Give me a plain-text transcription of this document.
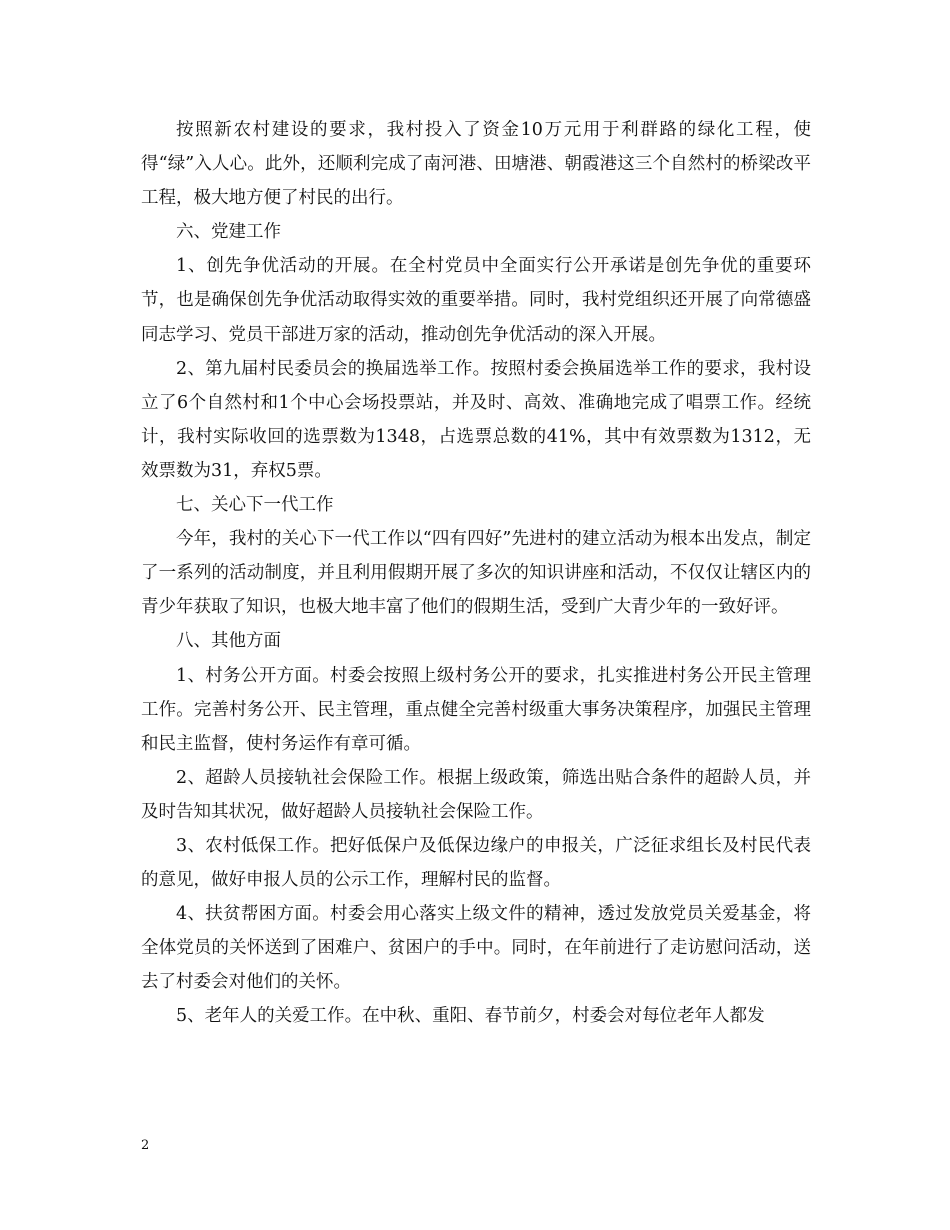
按照新农村建设的要求，我村投入了资金10万元用于利群路的绿化工程，使得“绿”入人心。此外，还顺利完成了南河港、田塘港、朝霞港这三个自然村的桥梁改平工程，极大地方便了村民的出行。

六、党建工作

1、创先争优活动的开展。在全村党员中全面实行公开承诺是创先争优的重要环节，也是确保创先争优活动取得实效的重要举措。同时，我村党组织还开展了向常德盛同志学习、党员干部进万家的活动，推动创先争优活动的深入开展。

2、第九届村民委员会的换届选举工作。按照村委会换届选举工作的要求，我村设立了6个自然村和1个中心会场投票站，并及时、高效、准确地完成了唱票工作。经统计，我村实际收回的选票数为1348，占选票总数的41%，其中有效票数为1312，无效票数为31，弃权5票。

七、关心下一代工作

今年，我村的关心下一代工作以“四有四好”先进村的建立活动为根本出发点，制定了一系列的活动制度，并且利用假期开展了多次的知识讲座和活动，不仅仅让辖区内的青少年获取了知识，也极大地丰富了他们的假期生活，受到广大青少年的一致好评。

八、其他方面

1、村务公开方面。村委会按照上级村务公开的要求，扎实推进村务公开民主管理工作。完善村务公开、民主管理，重点健全完善村级重大事务决策程序，加强民主管理和民主监督，使村务运作有章可循。

2、超龄人员接轨社会保险工作。根据上级政策，筛选出贴合条件的超龄人员，并及时告知其状况，做好超龄人员接轨社会保险工作。

3、农村低保工作。把好低保户及低保边缘户的申报关，广泛征求组长及村民代表的意见，做好申报人员的公示工作，理解村民的监督。

4、扶贫帮困方面。村委会用心落实上级文件的精神，透过发放党员关爱基金，将全体党员的关怀送到了困难户、贫困户的手中。同时，在年前进行了走访慰问活动，送去了村委会对他们的关怀。

5、老年人的关爱工作。在中秋、重阳、春节前夕，村委会对每位老年人都发

2
